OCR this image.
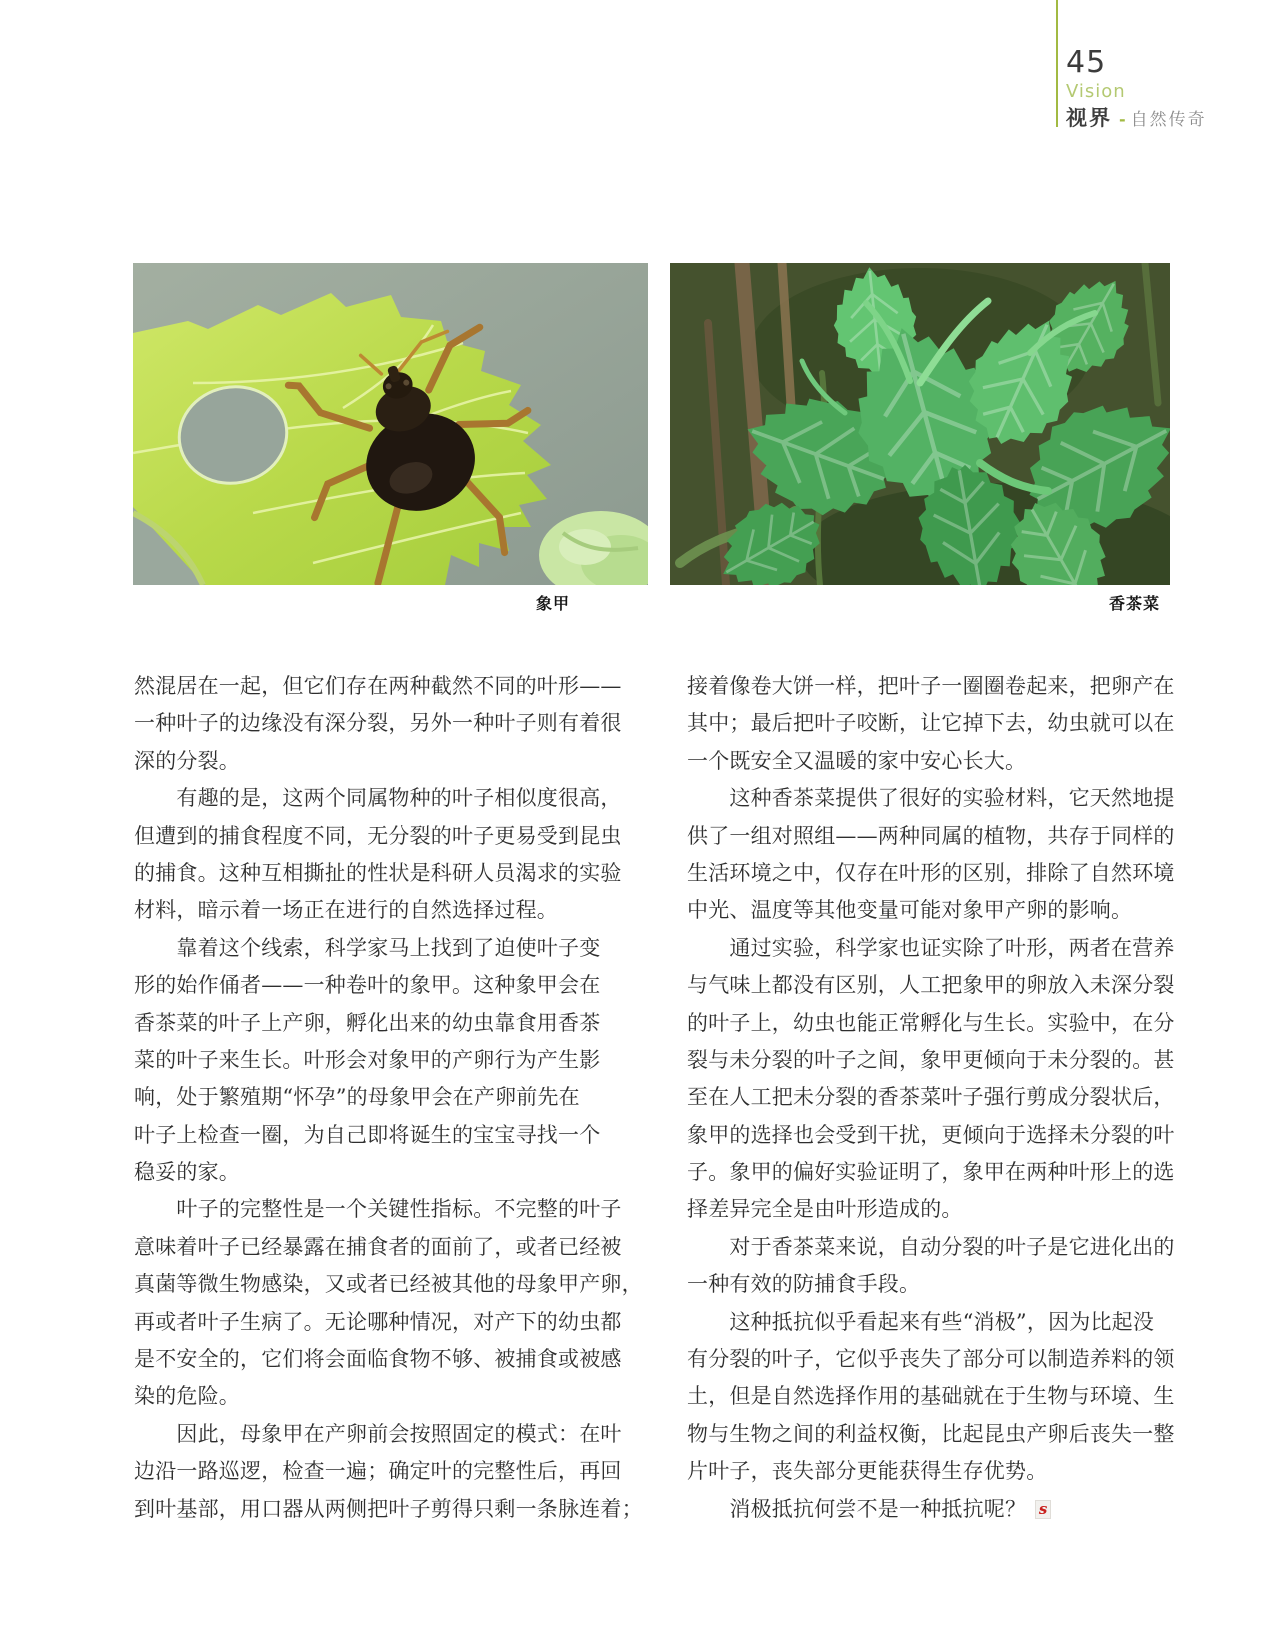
45
Vision
视界 - 自然传奇
象甲	香茶菜
然混居在一起，但它们存在两种截然不同的叶形——
一种叶子的边缘没有深分裂，另外一种叶子则有着很
深的分裂。
　　有趣的是，这两个同属物种的叶子相似度很高，
但遭到的捕食程度不同，无分裂的叶子更易受到昆虫
的捕食。这种互相撕扯的性状是科研人员渴求的实验
材料，暗示着一场正在进行的自然选择过程。
　　靠着这个线索，科学家马上找到了迫使叶子变
形的始作俑者——一种卷叶的象甲。这种象甲会在
香茶菜的叶子上产卵，孵化出来的幼虫靠食用香茶
菜的叶子来生长。叶形会对象甲的产卵行为产生影
响，处于繁殖期“怀孕”的母象甲会在产卵前先在
叶子上检查一圈，为自己即将诞生的宝宝寻找一个
稳妥的家。
　　叶子的完整性是一个关键性指标。不完整的叶子
意味着叶子已经暴露在捕食者的面前了，或者已经被
真菌等微生物感染，又或者已经被其他的母象甲产卵，
再或者叶子生病了。无论哪种情况，对产下的幼虫都
是不安全的，它们将会面临食物不够、被捕食或被感
染的危险。
　　因此，母象甲在产卵前会按照固定的模式：在叶
边沿一路巡逻，检查一遍；确定叶的完整性后，再回
到叶基部，用口器从两侧把叶子剪得只剩一条脉连着；
接着像卷大饼一样，把叶子一圈圈卷起来，把卵产在
其中；最后把叶子咬断，让它掉下去，幼虫就可以在
一个既安全又温暖的家中安心长大。
　　这种香茶菜提供了很好的实验材料，它天然地提
供了一组对照组——两种同属的植物，共存于同样的
生活环境之中，仅存在叶形的区别，排除了自然环境
中光、温度等其他变量可能对象甲产卵的影响。
　　通过实验，科学家也证实除了叶形，两者在营养
与气味上都没有区别，人工把象甲的卵放入未深分裂
的叶子上，幼虫也能正常孵化与生长。实验中，在分
裂与未分裂的叶子之间，象甲更倾向于未分裂的。甚
至在人工把未分裂的香茶菜叶子强行剪成分裂状后，
象甲的选择也会受到干扰，更倾向于选择未分裂的叶
子。象甲的偏好实验证明了，象甲在两种叶形上的选
择差异完全是由叶形造成的。
　　对于香茶菜来说，自动分裂的叶子是它进化出的
一种有效的防捕食手段。
　　这种抵抗似乎看起来有些“消极”，因为比起没
有分裂的叶子，它似乎丧失了部分可以制造养料的领
土，但是自然选择作用的基础就在于生物与环境、生
物与生物之间的利益权衡，比起昆虫产卵后丧失一整
片叶子，丧失部分更能获得生存优势。
　　消极抵抗何尝不是一种抵抗呢？ s
